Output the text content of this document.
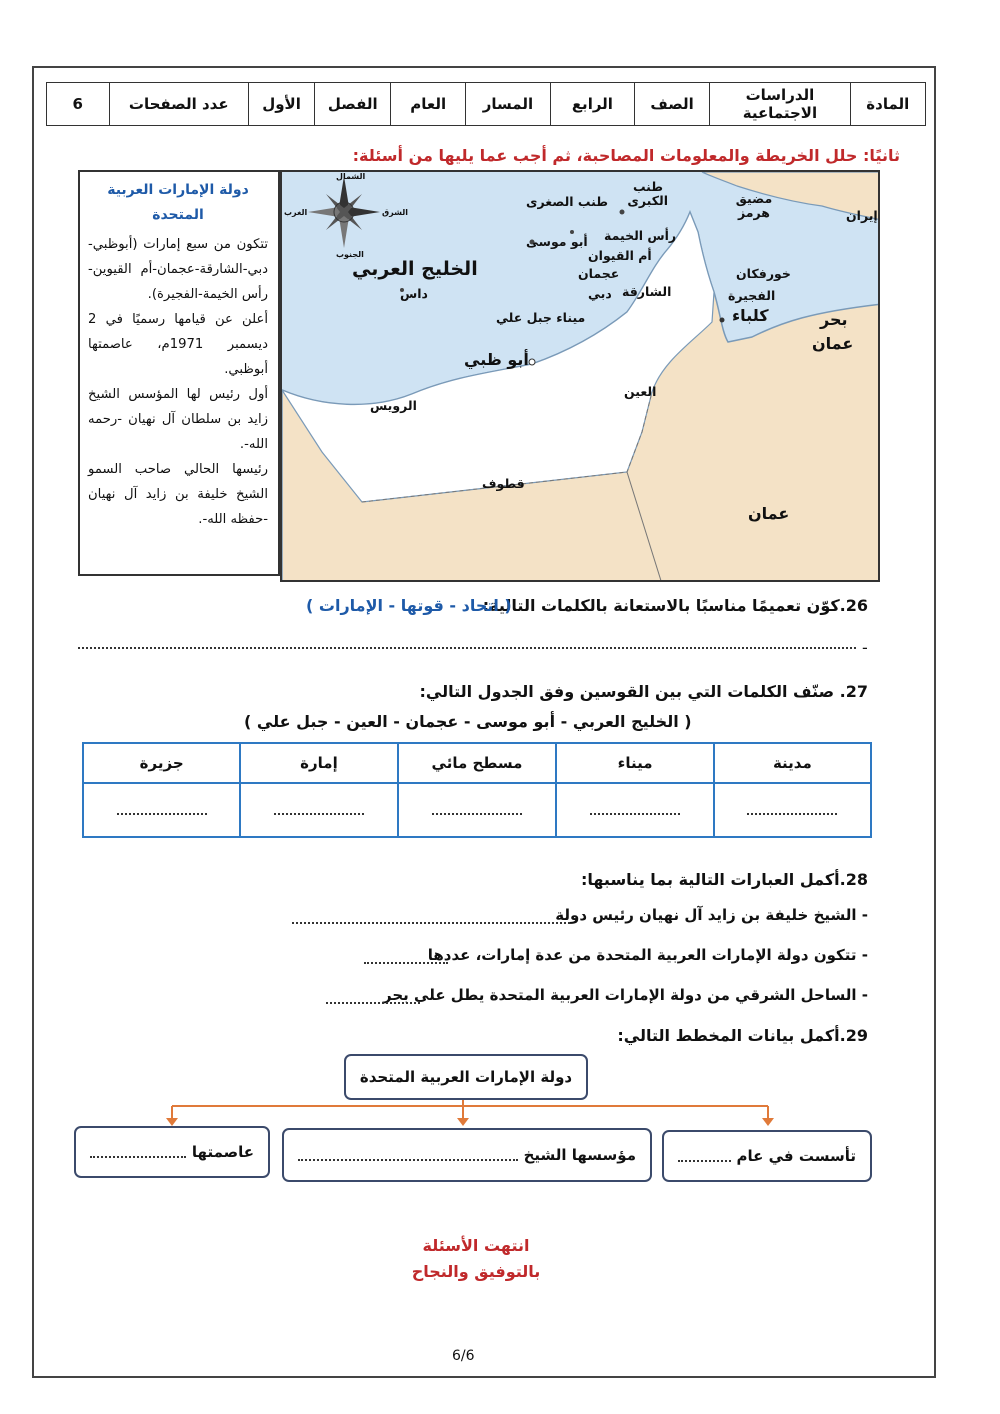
المادة	الدراسات الاجتماعية	الصف	الرابع	المسار	العام	الفصل	الأول	عدد الصفحات	6
ثانيًا: حلل الخريطة والمعلومات المصاحبة، ثم أجب عما يليها من أسئلة:
دولة الإمارات العربية المتحدة

تتكون من سبع إمارات (أبوظبي-دبي-الشارقة-عجمان-أم القيوين-رأس الخيمة-الفجيرة).

أعلن عن قيامها رسميًا في 2 ديسمبر 1971م، عاصمتها أبوظبي.

أول رئيس لها المؤسس الشيخ زايد بن سلطان آل نهيان -رحمه الله-.

رئيسها الحالي صاحب السمو الشيخ خليفة بن زايد آل نهيان -حفظه الله-.

الشمال
الجنوب
الشرق
الغرب
الخليج العربي
داس
طنب الصغرى
طنب الكبرى	مضيق هرمز	إيران
أبو موسى رأس الخيمة
أم القيوان
عجمان
الشارقة
دبي
ميناء جبل علي
أبو ظبي
خورفكان
الفجيرة
كلباء	بحر
عمان
الرويس
العين
قطوف
عمان
26.كوّن تعميمًا مناسبًا بالاستعانة بالكلمات التالية:
( اتحاد - قوتها - الإمارات )
-
27. صنّف الكلمات التي بين القوسين وفق الجدول التالي:
( الخليج العربي - أبو موسى - عجمان - العين - جبل علي )
مدينة	ميناء	مسطح مائي	إمارة	جزيرة

28.أكمل العبارات التالية بما يناسبها:
- الشيخ خليفة بن زايد آل نهيان رئيس دولة
- تتكون دولة الإمارات العربية المتحدة من عدة إمارات، عددها
- الساحل الشرقي من دولة الإمارات العربية المتحدة يطل على بحر
29.أكمل بيانات المخطط التالي:
دولة الإمارات العربية المتحدة
تأسست في عام
مؤسسها الشيخ
عاصمتها
انتهت الأسئلة
بالتوفيق والنجاح
6/6
